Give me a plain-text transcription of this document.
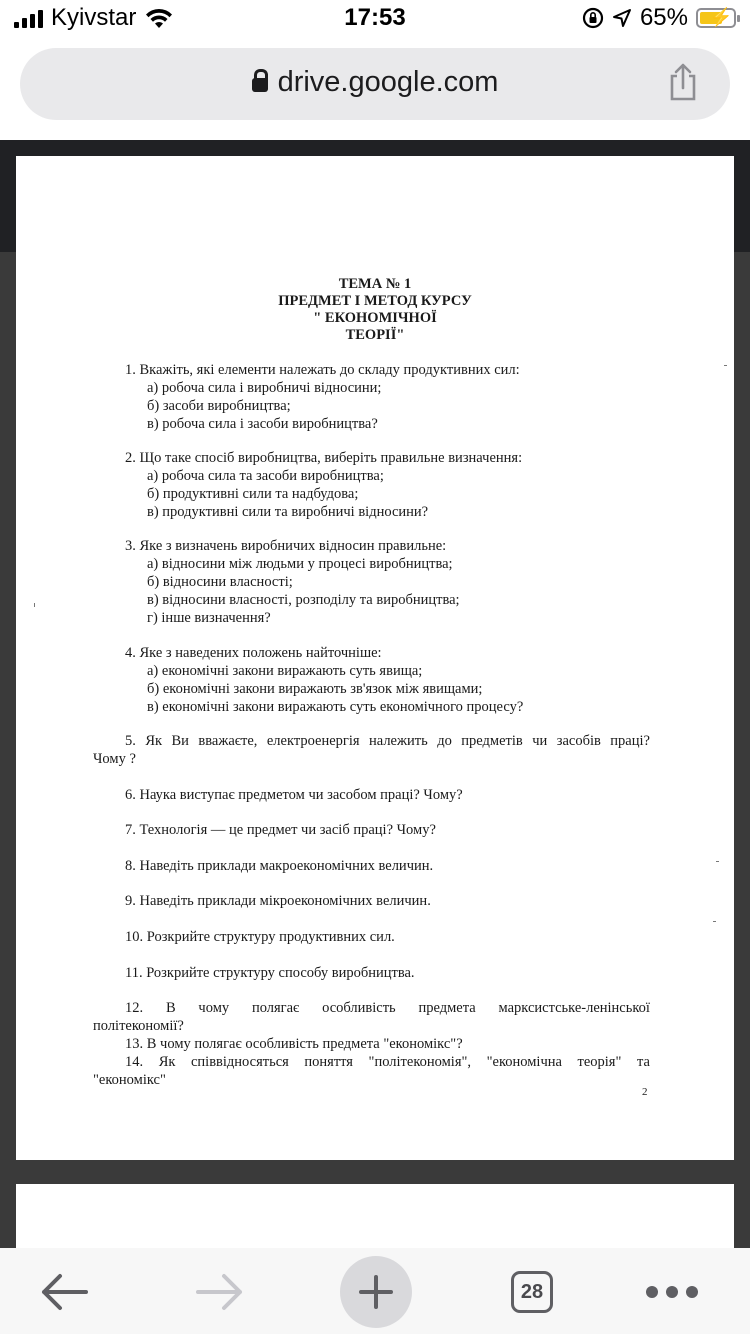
Kyivstar	17:53	65% ⚡
drive.google.com
ТЕМА № 1
ПРЕДМЕТ І МЕТОД КУРСУ
" ЕКОНОМІЧНОЇ
ТЕОРІЇ"
1. Вкажіть, які елементи належать до складу продуктивних сил:
а) робоча сила і виробничі відносини;
б) засоби виробництва;
в) робоча сила і засоби виробництва?
2. Що таке спосіб виробництва, виберіть правильне визначення:
а) робоча сила та засоби виробництва;
б) продуктивні сили та надбудова;
в) продуктивні сили та виробничі відносини?
3. Яке з визначень виробничих відносин правильне:
а) відносини між людьми у процесі виробництва;
б) відносини власності;
в) відносини власності, розподілу та виробництва;
г) інше визначення?
4. Яке з наведених положень найточніше:
а) економічні закони виражають суть явища;
б) економічні закони виражають зв'язок між явищами;
в) економічні закони виражають суть економічного процесу?
5. Як Ви вважаєте, електроенергія належить до предметів чи засобів праці?
Чому ?
6. Наука виступає предметом чи засобом праці? Чому?
7. Технологія — це предмет чи засіб праці? Чому?
8. Наведіть приклади макроекономічних величин.
9. Наведіть приклади мікроекономічних величин.
10. Розкрийте структуру продуктивних сил.
11. Розкрийте структуру способу виробництва.
12. В чому полягає особливість предмета марксистське-ленінської
політекономії?
13. В чому полягає особливість предмета "економікс"?
14. Як співвідносяться поняття "політекономія", "економічна теорія" та
"економікс"
2
28
